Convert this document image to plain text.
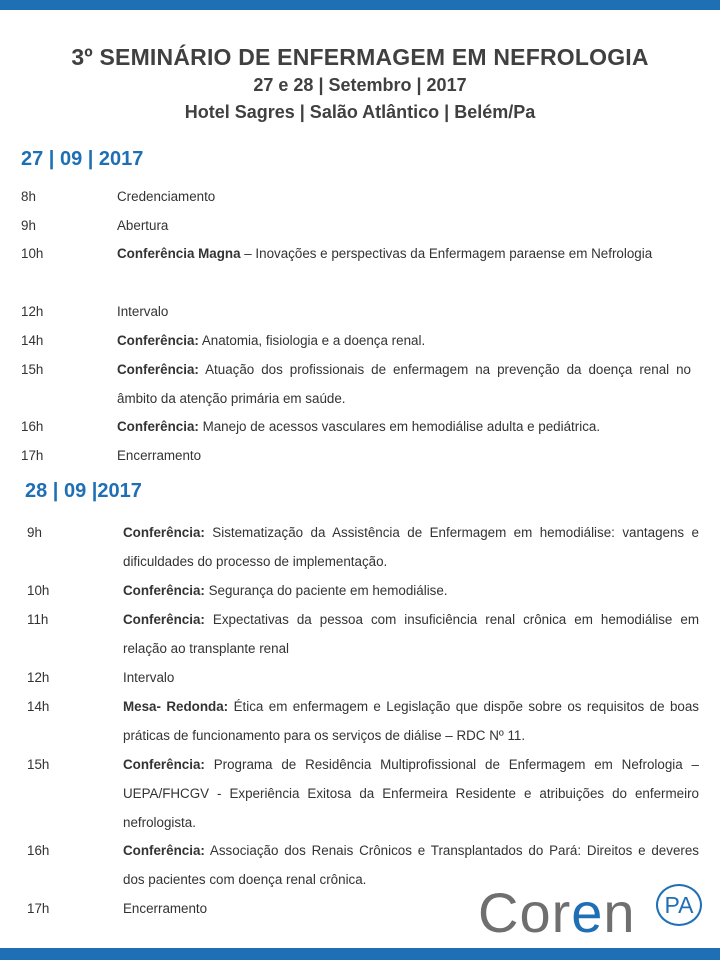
3º SEMINÁRIO DE ENFERMAGEM EM NEFROLOGIA
27 e 28 | Setembro | 2017
Hotel Sagres | Salão Atlântico | Belém/Pa
27 | 09 | 2017
8h	Credenciamento
9h	Abertura
10h	Conferência Magna – Inovações e perspectivas da Enfermagem paraense em Nefrologia
12h	Intervalo
14h	Conferência: Anatomia, fisiologia e a doença renal.
15h	Conferência: Atuação dos profissionais de enfermagem na prevenção da doença renal no âmbito da atenção primária em saúde.
16h	Conferência: Manejo de acessos vasculares em hemodiálise adulta e pediátrica.
17h	Encerramento
28 | 09 |2017
9h	Conferência: Sistematização da Assistência de Enfermagem em hemodiálise: vantagens e dificuldades do processo de implementação.
10h	Conferência: Segurança do paciente em hemodiálise.
11h	Conferência: Expectativas da pessoa com insuficiência renal crônica em hemodiálise em relação ao transplante renal
12h	Intervalo
14h	Mesa- Redonda: Ética em enfermagem e Legislação que dispõe sobre os requisitos de boas práticas de funcionamento para os serviços de diálise – RDC Nº 11.
15h	Conferência: Programa de Residência Multiprofissional de Enfermagem em Nefrologia – UEPA/FHCGV - Experiência Exitosa da Enfermeira Residente e atribuições do enfermeiro nefrologista.
16h	Conferência: Associação dos Renais Crônicos e Transplantados do Pará: Direitos e deveres dos pacientes com doença renal crônica.
17h	Encerramento	Coren	PA
